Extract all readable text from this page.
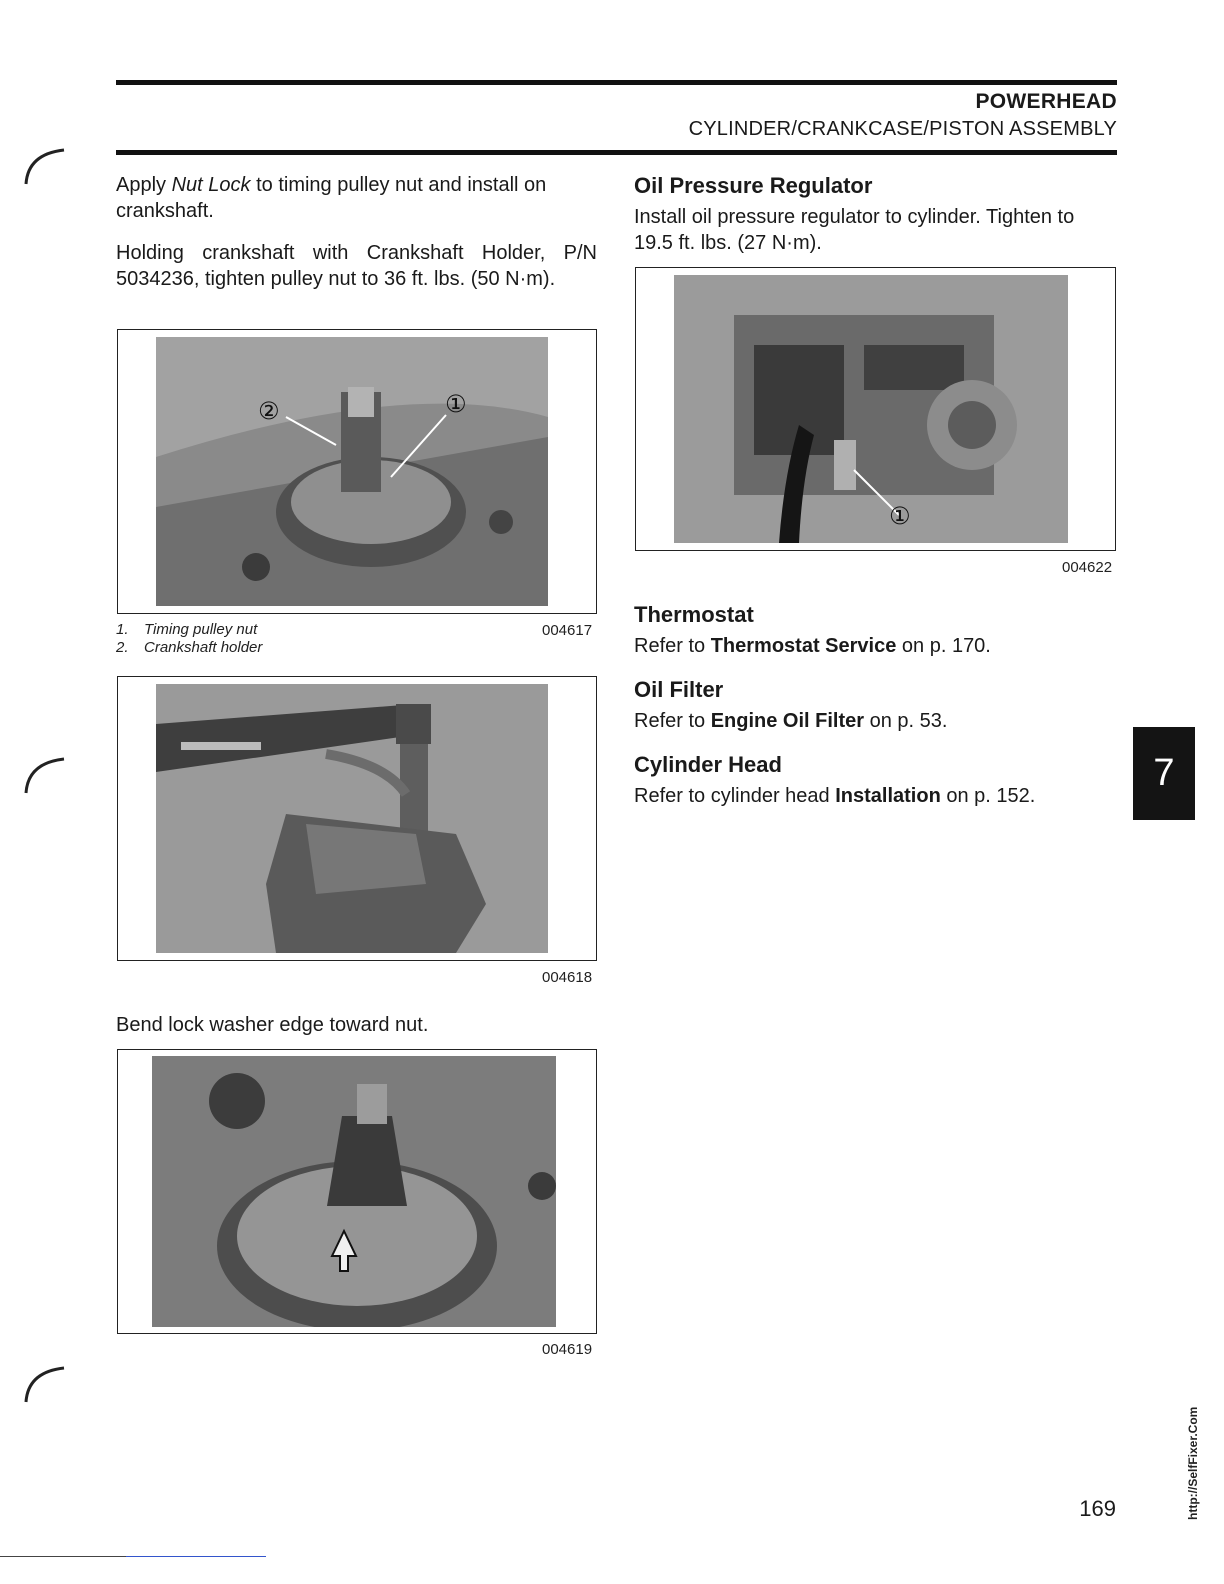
POWERHEAD
CYLINDER/CRANKCASE/PISTON ASSEMBLY

Apply Nut Lock to timing pulley nut and install on crankshaft.

Holding crankshaft with Crankshaft Holder, P/N 5034236, tighten pulley nut to 36 ft. lbs. (50 N·m).

②	①
1. Timing pulley nut
2. Crankshaft holder
004617
004618

Bend lock washer edge toward nut.

004619
Oil Pressure Regulator

Install oil pressure regulator to cylinder. Tighten to 19.5 ft. lbs. (27 N·m).

①
004622
Thermostat

Refer to Thermostat Service on p. 170.

Oil Filter

Refer to Engine Oil Filter on p. 53.

Cylinder Head

Refer to cylinder head Installation on p. 152.

7
169	http://SelfFixer.Com
